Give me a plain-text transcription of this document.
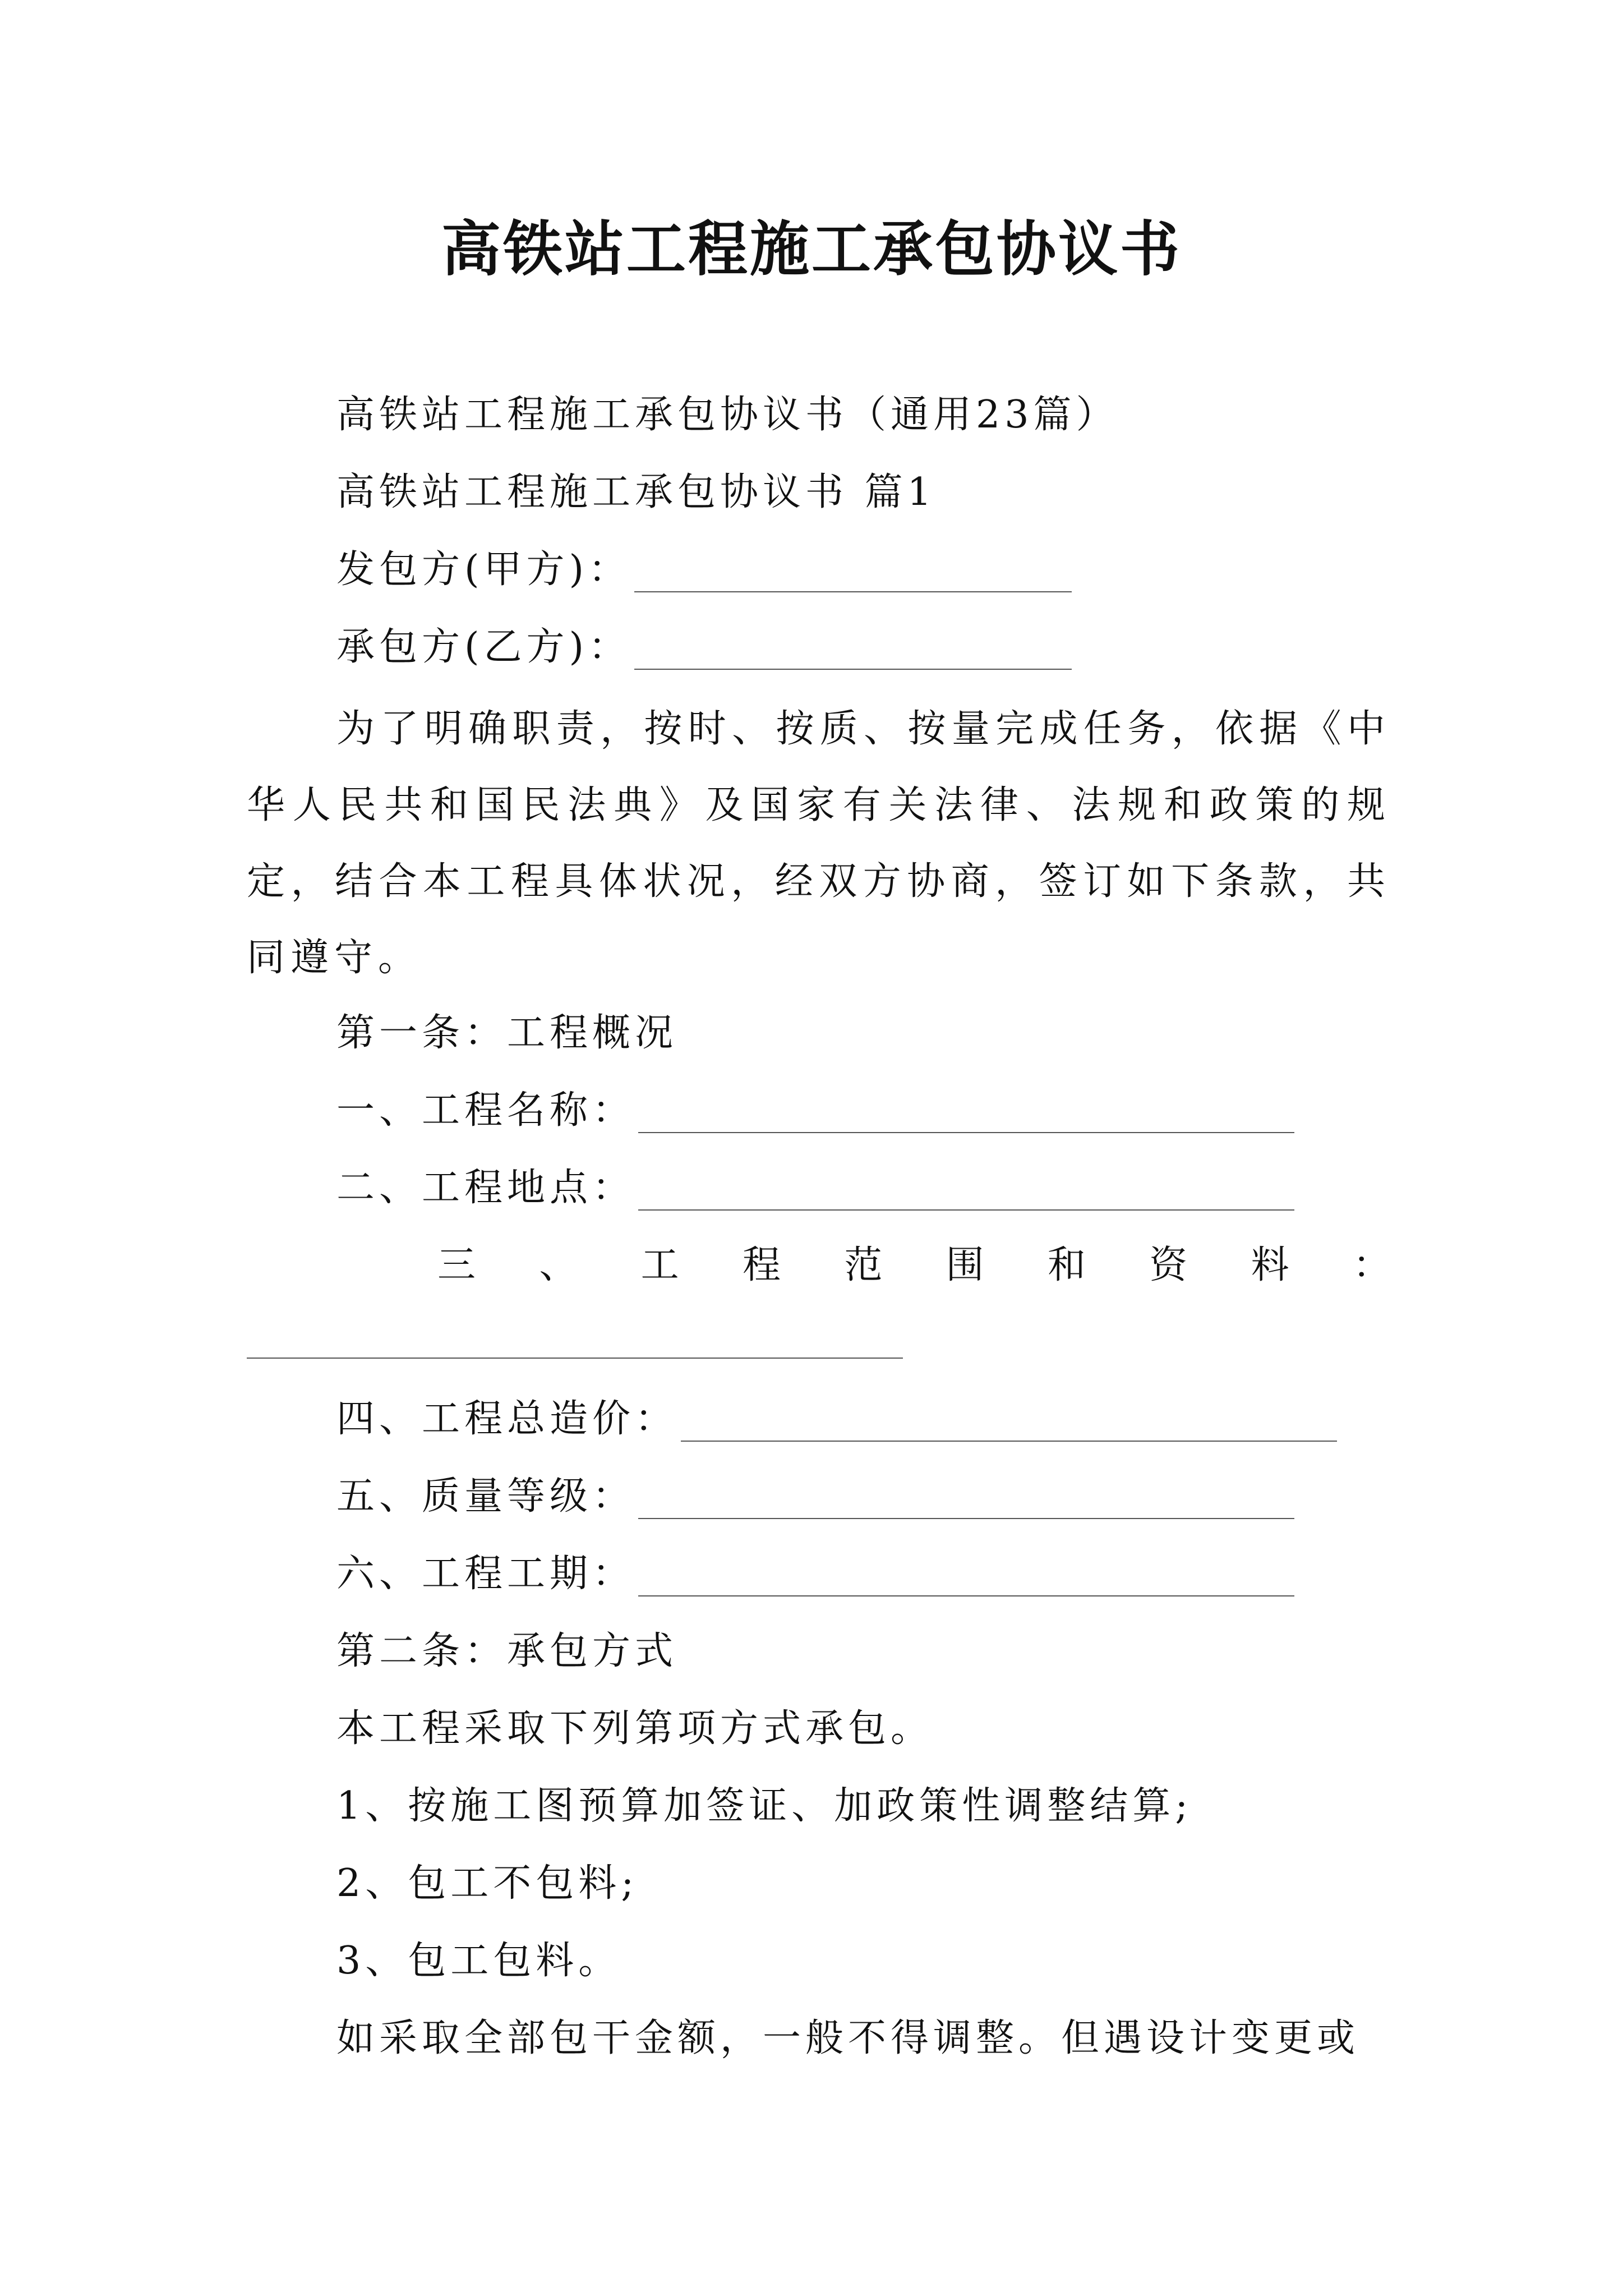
高铁站工程施工承包协议书
高铁站工程施工承包协议书（通用23篇）
高铁站工程施工承包协议书 篇1
发包方(甲方)：
承包方(乙方)：
为了明确职责，按时、按质、按量完成任务，依据《中华人民共和国民法典》及国家有关法律、法规和政策的规定，结合本工程具体状况，经双方协商，签订如下条款，共同遵守。
第一条：工程概况
一、工程名称：
二、工程地点：
三 、 工 程 范 围 和 资 料 ：
四、工程总造价：
五、质量等级：
六、工程工期：
第二条：承包方式
本工程采取下列第项方式承包。
1、按施工图预算加签证、加政策性调整结算;
2、包工不包料;
3、包工包料。
如采取全部包干金额，一般不得调整。但遇设计变更或
